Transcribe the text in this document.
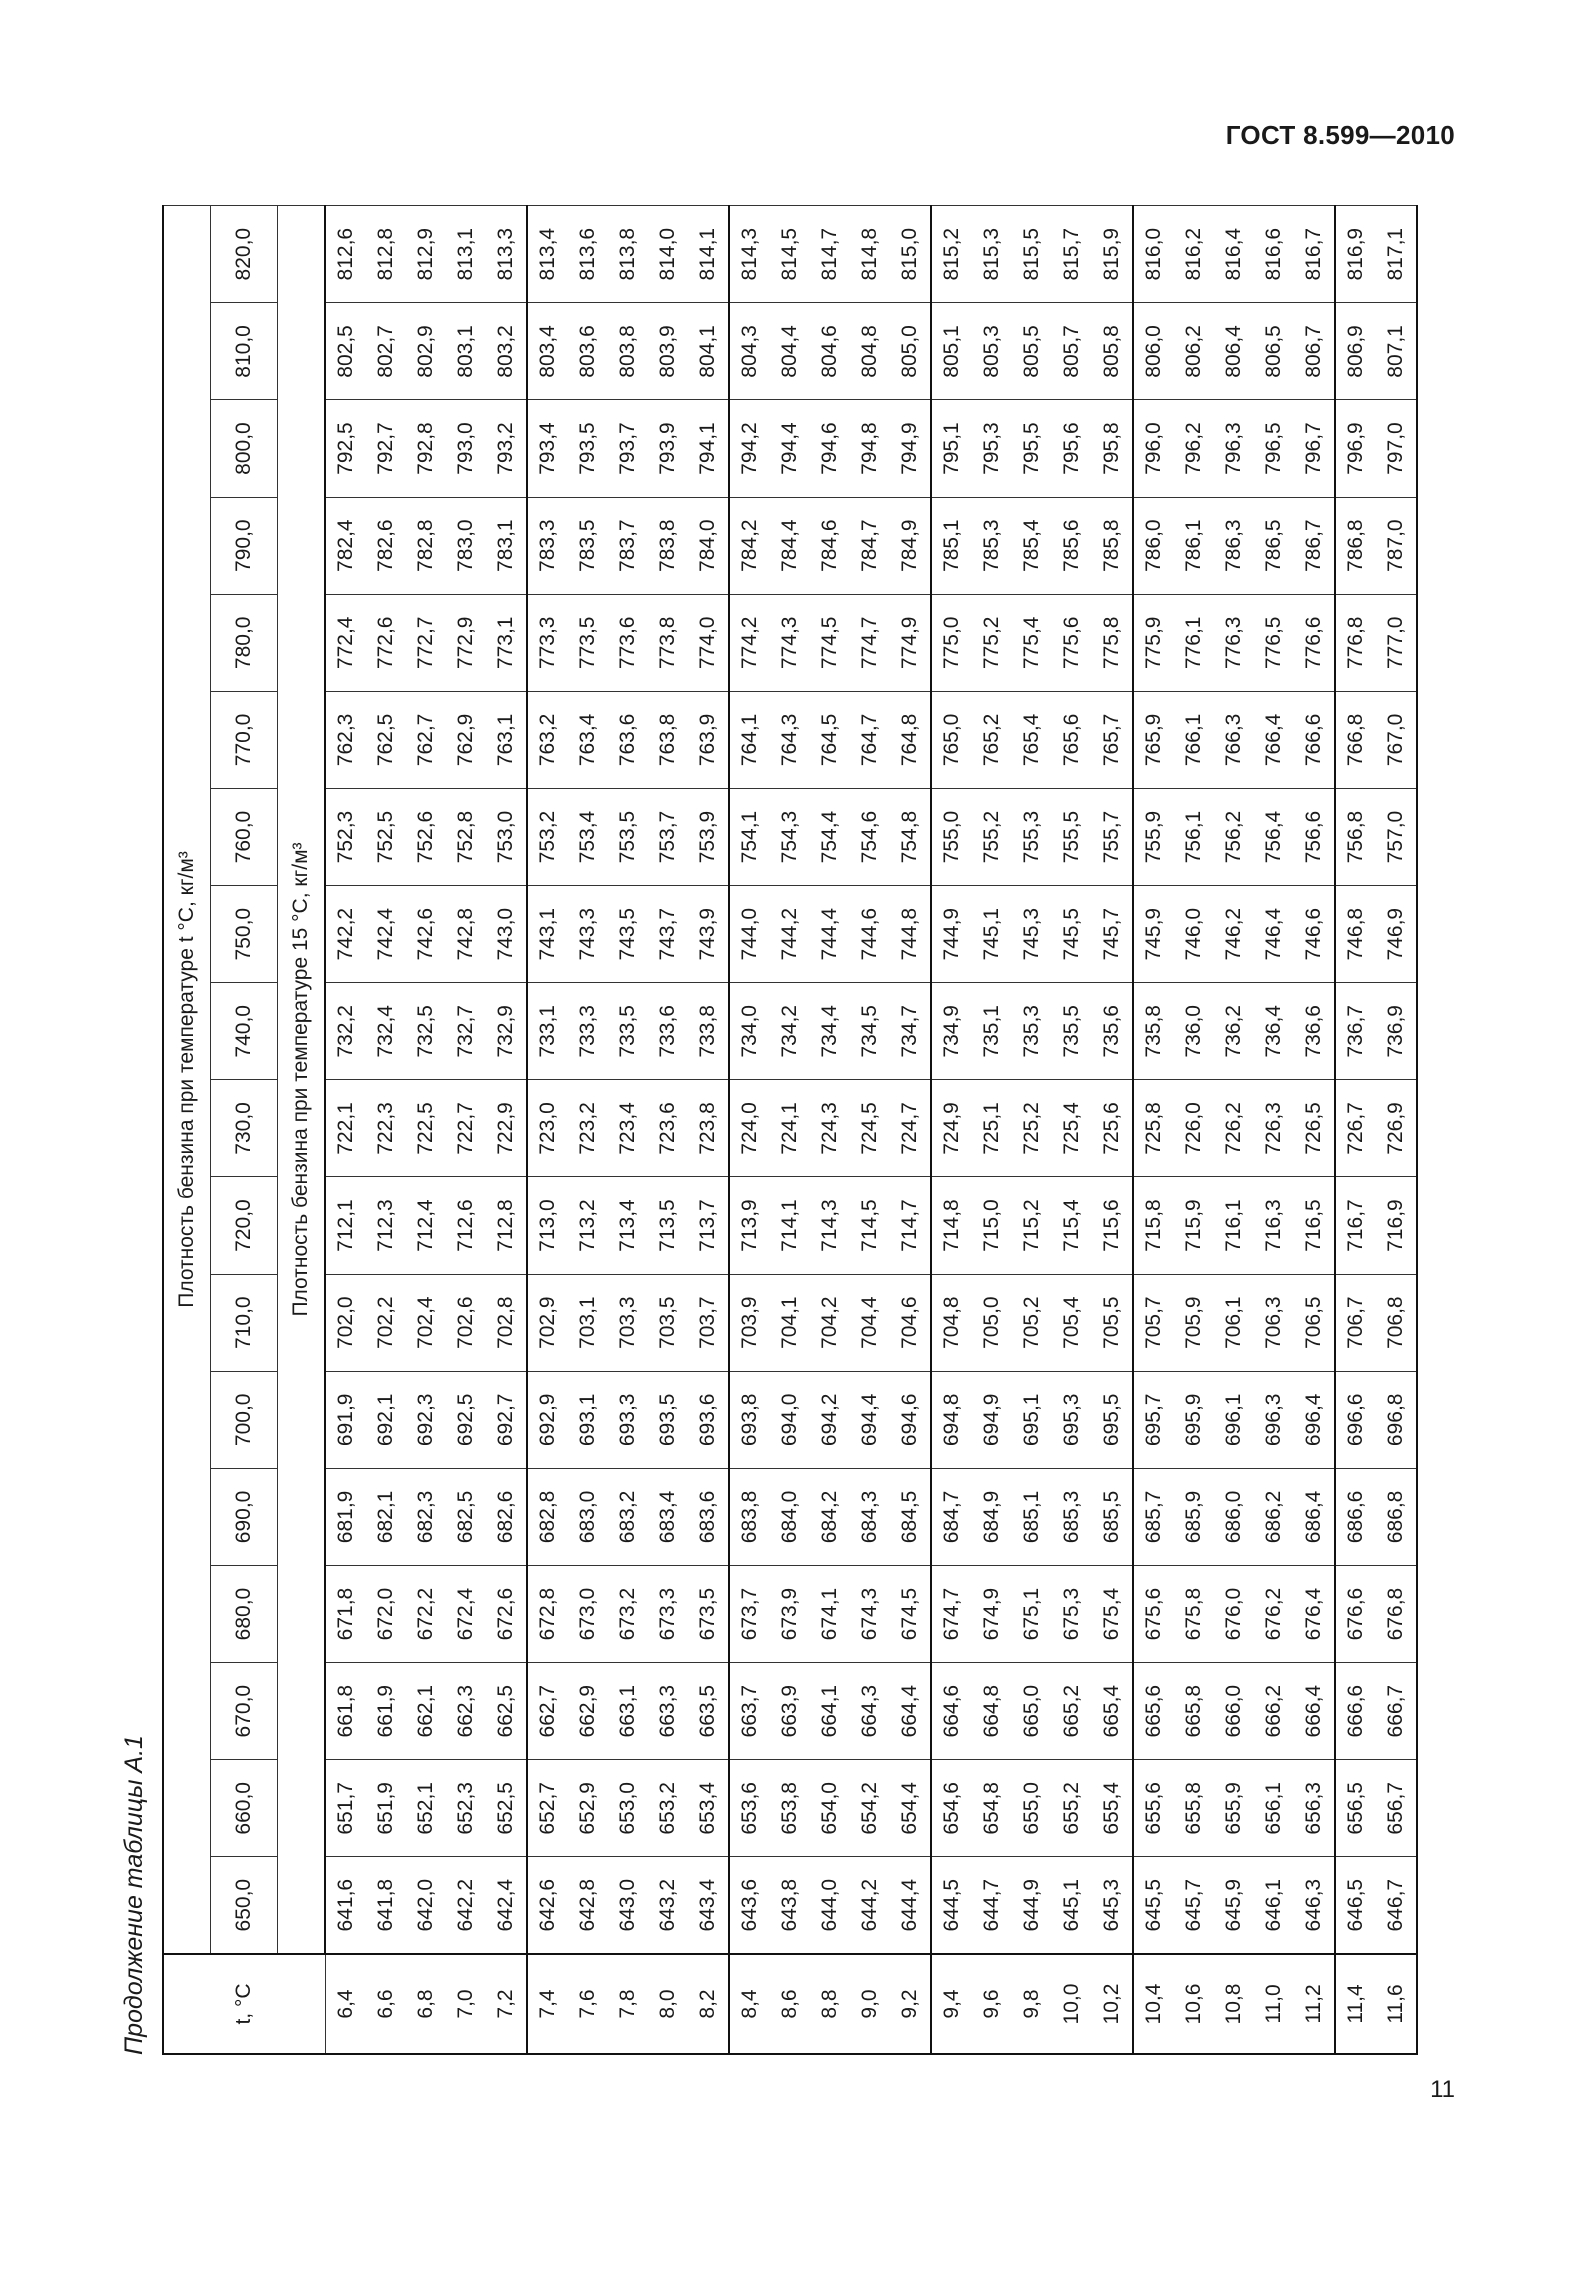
ГОСТ 8.599—2010
Продолжение таблицы А.1	t, °C	Плотность бензина при температуре t °C, кг/м³																	
	650,0	660,0	670,0	680,0	690,0	700,0	710,0	720,0	730,0	740,0	750,0	760,0	770,0	780,0	790,0	800,0	810,0	820,0
	Плотность бензина при температуре 15 °C, кг/м³																	
6,4	641,6	651,7	661,8	671,8	681,9	691,9	702,0	712,1	722,1	732,2	742,2	752,3	762,3	772,4	782,4	792,5	802,5	812,6
6,6	641,8	651,9	661,9	672,0	682,1	692,1	702,2	712,3	722,3	732,4	742,4	752,5	762,5	772,6	782,6	792,7	802,7	812,8
6,8	642,0	652,1	662,1	672,2	682,3	692,3	702,4	712,4	722,5	732,5	742,6	752,6	762,7	772,7	782,8	792,8	802,9	812,9
7,0	642,2	652,3	662,3	672,4	682,5	692,5	702,6	712,6	722,7	732,7	742,8	752,8	762,9	772,9	783,0	793,0	803,1	813,1
7,2	642,4	652,5	662,5	672,6	682,6	692,7	702,8	712,8	722,9	732,9	743,0	753,0	763,1	773,1	783,1	793,2	803,2	813,3
7,4	642,6	652,7	662,7	672,8	682,8	692,9	702,9	713,0	723,0	733,1	743,1	753,2	763,2	773,3	783,3	793,4	803,4	813,4
7,6	642,8	652,9	662,9	673,0	683,0	693,1	703,1	713,2	723,2	733,3	743,3	753,4	763,4	773,5	783,5	793,5	803,6	813,6
7,8	643,0	653,0	663,1	673,2	683,2	693,3	703,3	713,4	723,4	733,5	743,5	753,5	763,6	773,6	783,7	793,7	803,8	813,8
8,0	643,2	653,2	663,3	673,3	683,4	693,5	703,5	713,5	723,6	733,6	743,7	753,7	763,8	773,8	783,8	793,9	803,9	814,0
8,2	643,4	653,4	663,5	673,5	683,6	693,6	703,7	713,7	723,8	733,8	743,9	753,9	763,9	774,0	784,0	794,1	804,1	814,1
8,4	643,6	653,6	663,7	673,7	683,8	693,8	703,9	713,9	724,0	734,0	744,0	754,1	764,1	774,2	784,2	794,2	804,3	814,3
8,6	643,8	653,8	663,9	673,9	684,0	694,0	704,1	714,1	724,1	734,2	744,2	754,3	764,3	774,3	784,4	794,4	804,4	814,5
8,8	644,0	654,0	664,1	674,1	684,2	694,2	704,2	714,3	724,3	734,4	744,4	754,4	764,5	774,5	784,6	794,6	804,6	814,7
9,0	644,2	654,2	664,3	674,3	684,3	694,4	704,4	714,5	724,5	734,5	744,6	754,6	764,7	774,7	784,7	794,8	804,8	814,8
9,2	644,4	654,4	664,4	674,5	684,5	694,6	704,6	714,7	724,7	734,7	744,8	754,8	764,8	774,9	784,9	794,9	805,0	815,0
9,4	644,5	654,6	664,6	674,7	684,7	694,8	704,8	714,8	724,9	734,9	744,9	755,0	765,0	775,0	785,1	795,1	805,1	815,2
9,6	644,7	654,8	664,8	674,9	684,9	694,9	705,0	715,0	725,1	735,1	745,1	755,2	765,2	775,2	785,3	795,3	805,3	815,3
9,8	644,9	655,0	665,0	675,1	685,1	695,1	705,2	715,2	725,2	735,3	745,3	755,3	765,4	775,4	785,4	795,5	805,5	815,5
10,0	645,1	655,2	665,2	675,3	685,3	695,3	705,4	715,4	725,4	735,5	745,5	755,5	765,6	775,6	785,6	795,6	805,7	815,7
10,2	645,3	655,4	665,4	675,4	685,5	695,5	705,5	715,6	725,6	735,6	745,7	755,7	765,7	775,8	785,8	795,8	805,8	815,9
10,4	645,5	655,6	665,6	675,6	685,7	695,7	705,7	715,8	725,8	735,8	745,9	755,9	765,9	775,9	786,0	796,0	806,0	816,0
10,6	645,7	655,8	665,8	675,8	685,9	695,9	705,9	715,9	726,0	736,0	746,0	756,1	766,1	776,1	786,1	796,2	806,2	816,2
10,8	645,9	655,9	666,0	676,0	686,0	696,1	706,1	716,1	726,2	736,2	746,2	756,2	766,3	776,3	786,3	796,3	806,4	816,4
11,0	646,1	656,1	666,2	676,2	686,2	696,3	706,3	716,3	726,3	736,4	746,4	756,4	766,4	776,5	786,5	796,5	806,5	816,6
11,2	646,3	656,3	666,4	676,4	686,4	696,4	706,5	716,5	726,5	736,6	746,6	756,6	766,6	776,6	786,7	796,7	806,7	816,7
11,4	646,5	656,5	666,6	676,6	686,6	696,6	706,7	716,7	726,7	736,7	746,8	756,8	766,8	776,8	786,8	796,9	806,9	816,9
11,6	646,7	656,7	666,7	676,8	686,8	696,8	706,8	716,9	726,9	736,9	746,9	757,0	767,0	777,0	787,0	797,0	807,1	817,1
11
